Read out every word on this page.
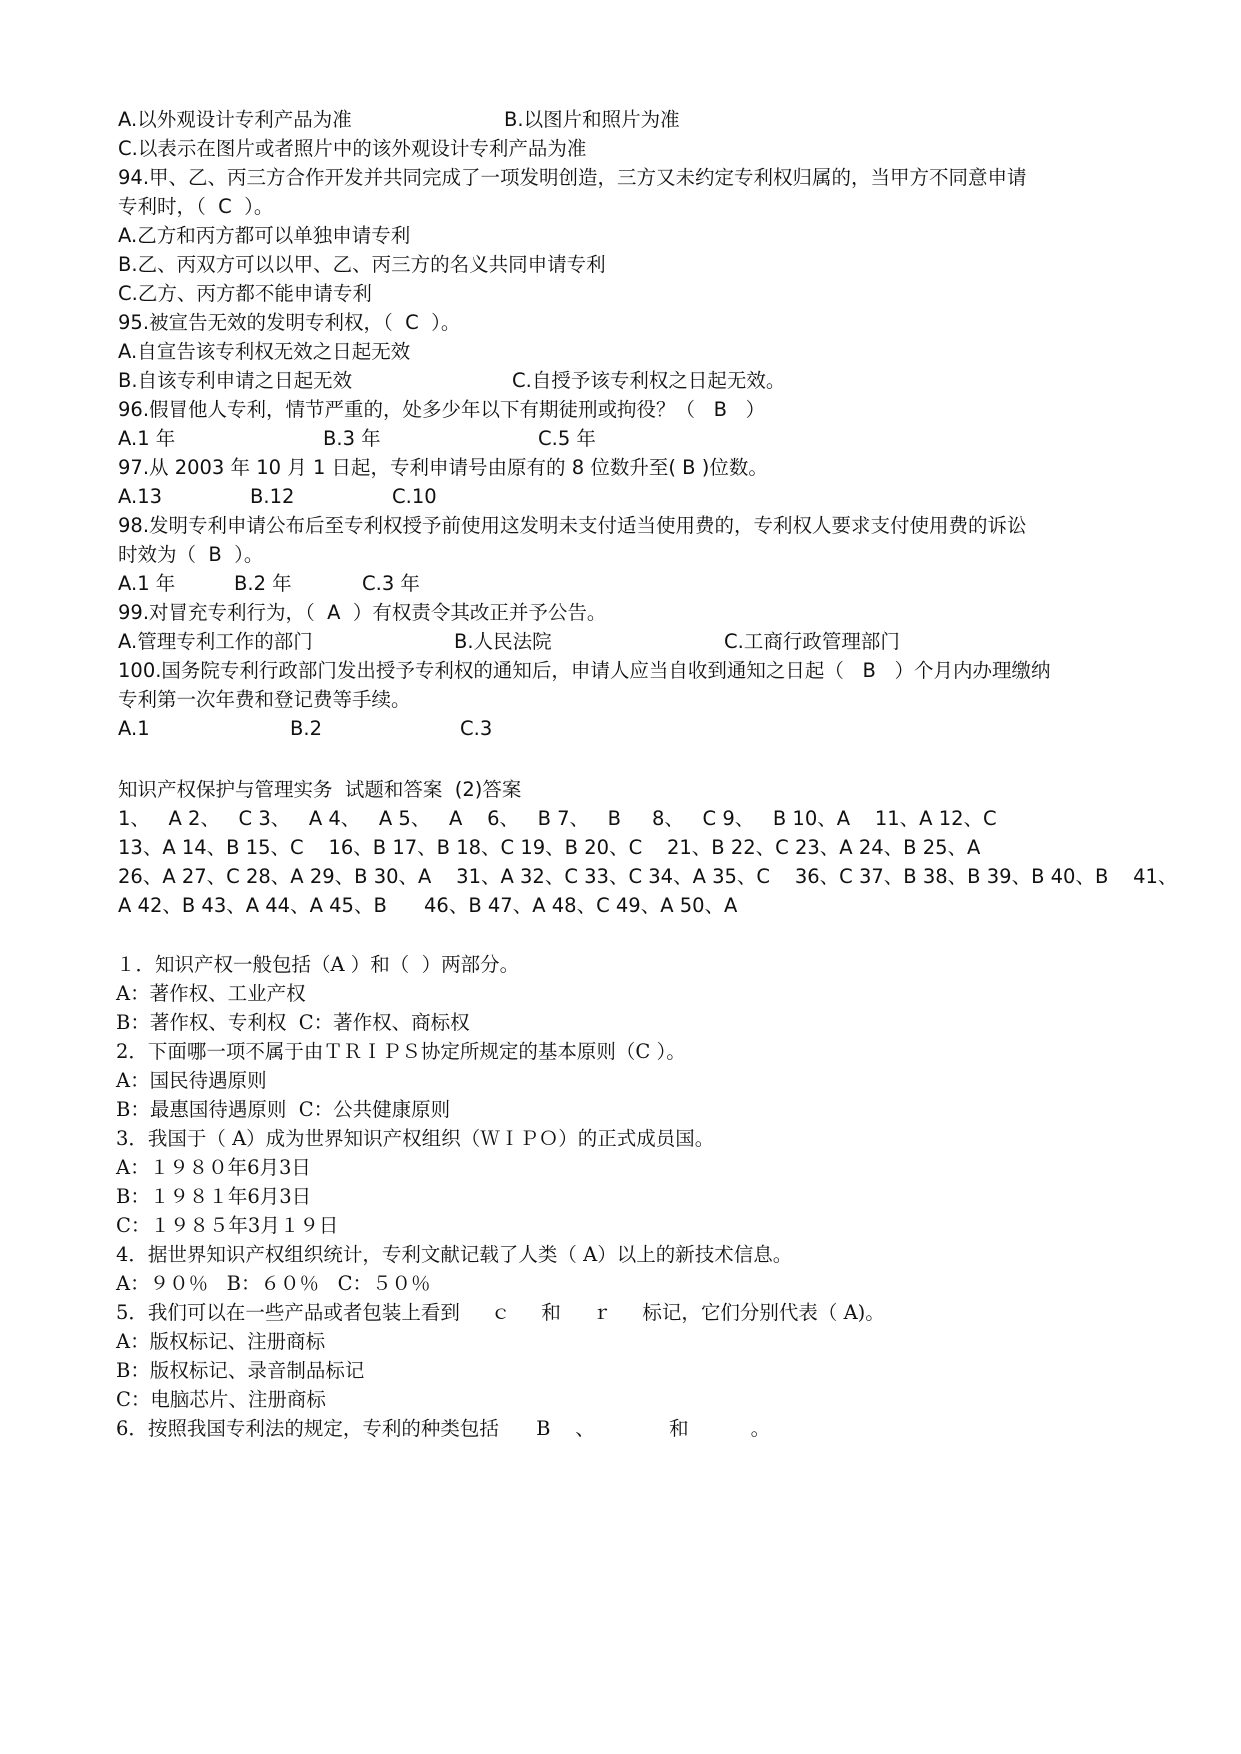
A.以外观设计专利产品为准

	B.以图片和照片为准

C.以表示在图片或者照片中的该外观设计专利产品为准
94.甲、乙、丙三方合作开发并共同完成了一项发明创造，三方又未约定专利权归属的，当甲方不同意申请
专利时，（  C  ）。
A.乙方和丙方都可以单独申请专利
B.乙、丙双方可以以甲、乙、丙三方的名义共同申请专利
C.乙方、丙方都不能申请专利
95.被宣告无效的发明专利权，（  C  ）。
A.自宣告该专利权无效之日起无效

B.自该专利申请之日起无效

	C.自授予该专利权之日起无效。

96.假冒他人专利，情节严重的，处多少年以下有期徒刑或拘役？（   B   ）

A.1 年

	B.3 年

	C.5 年

97.从 2003 年 10 月 1 日起，专利申请号由原有的 8 位数升至( B )位数。

A.13

	B.12

	C.10

98.发明专利申请公布后至专利权授予前使用这发明未支付适当使用费的，专利权人要求支付使用费的诉讼
时效为（  B  ）。

A.1 年

	B.2 年

	C.3 年

99.对冒充专利行为，（  A  ）有权责令其改正并予公告。

A.管理专利工作的部门

	B.人民法院

	C.工商行政管理部门

100.国务院专利行政部门发出授予专利权的通知后，申请人应当自收到通知之日起（   B   ）个月内办理缴纳
专利第一次年费和登记费等手续。

A.1

	B.2

	C.3

知识产权保护与管理实务  试题和答案  (2)答案
1、   A 2、   C 3、   A 4、   A 5、   A    6、   B 7、   B     8、   C 9、   B 10、A    11、A 12、C
13、A 14、B 15、C    16、B 17、B 18、C 19、B 20、C    21、B 22、C 23、A 24、B 25、A
26、A 27、C 28、A 29、B 30、A    31、A 32、C 33、C 34、A 35、C    36、C 37、B 38、B 39、B 40、B    41、
A 42、B 43、A 44、A 45、B      46、B 47、A 48、C 49、A 50、A
１．知识产权一般包括（A ）和（  ）两部分。
A：著作权、工业产权
B：著作权、专利权  C：著作权、商标权
2．下面哪一项不属于由ＴＲＩＰＳ协定所规定的基本原则（C ）。
A：国民待遇原则
B：最惠国待遇原则  C：公共健康原则
3．我国于（ A）成为世界知识产权组织（ＷＩＰＯ）的正式成员国。
A：１９８０年6月3日
B：１９８１年6月3日
C：１９８５年3月１９日
4．据世界知识产权组织统计，专利文献记载了人类（ A）以上的新技术信息。
A：９０％   B：６０％   C：５０％
5．我们可以在一些产品或者包装上看到     ｃ     和     ｒ     标记，它们分别代表（ A)。
A：版权标记、注册商标
B：版权标记、录音制品标记
C：电脑芯片、注册商标
6．按照我国专利法的规定，专利的种类包括      B    、            和          。
